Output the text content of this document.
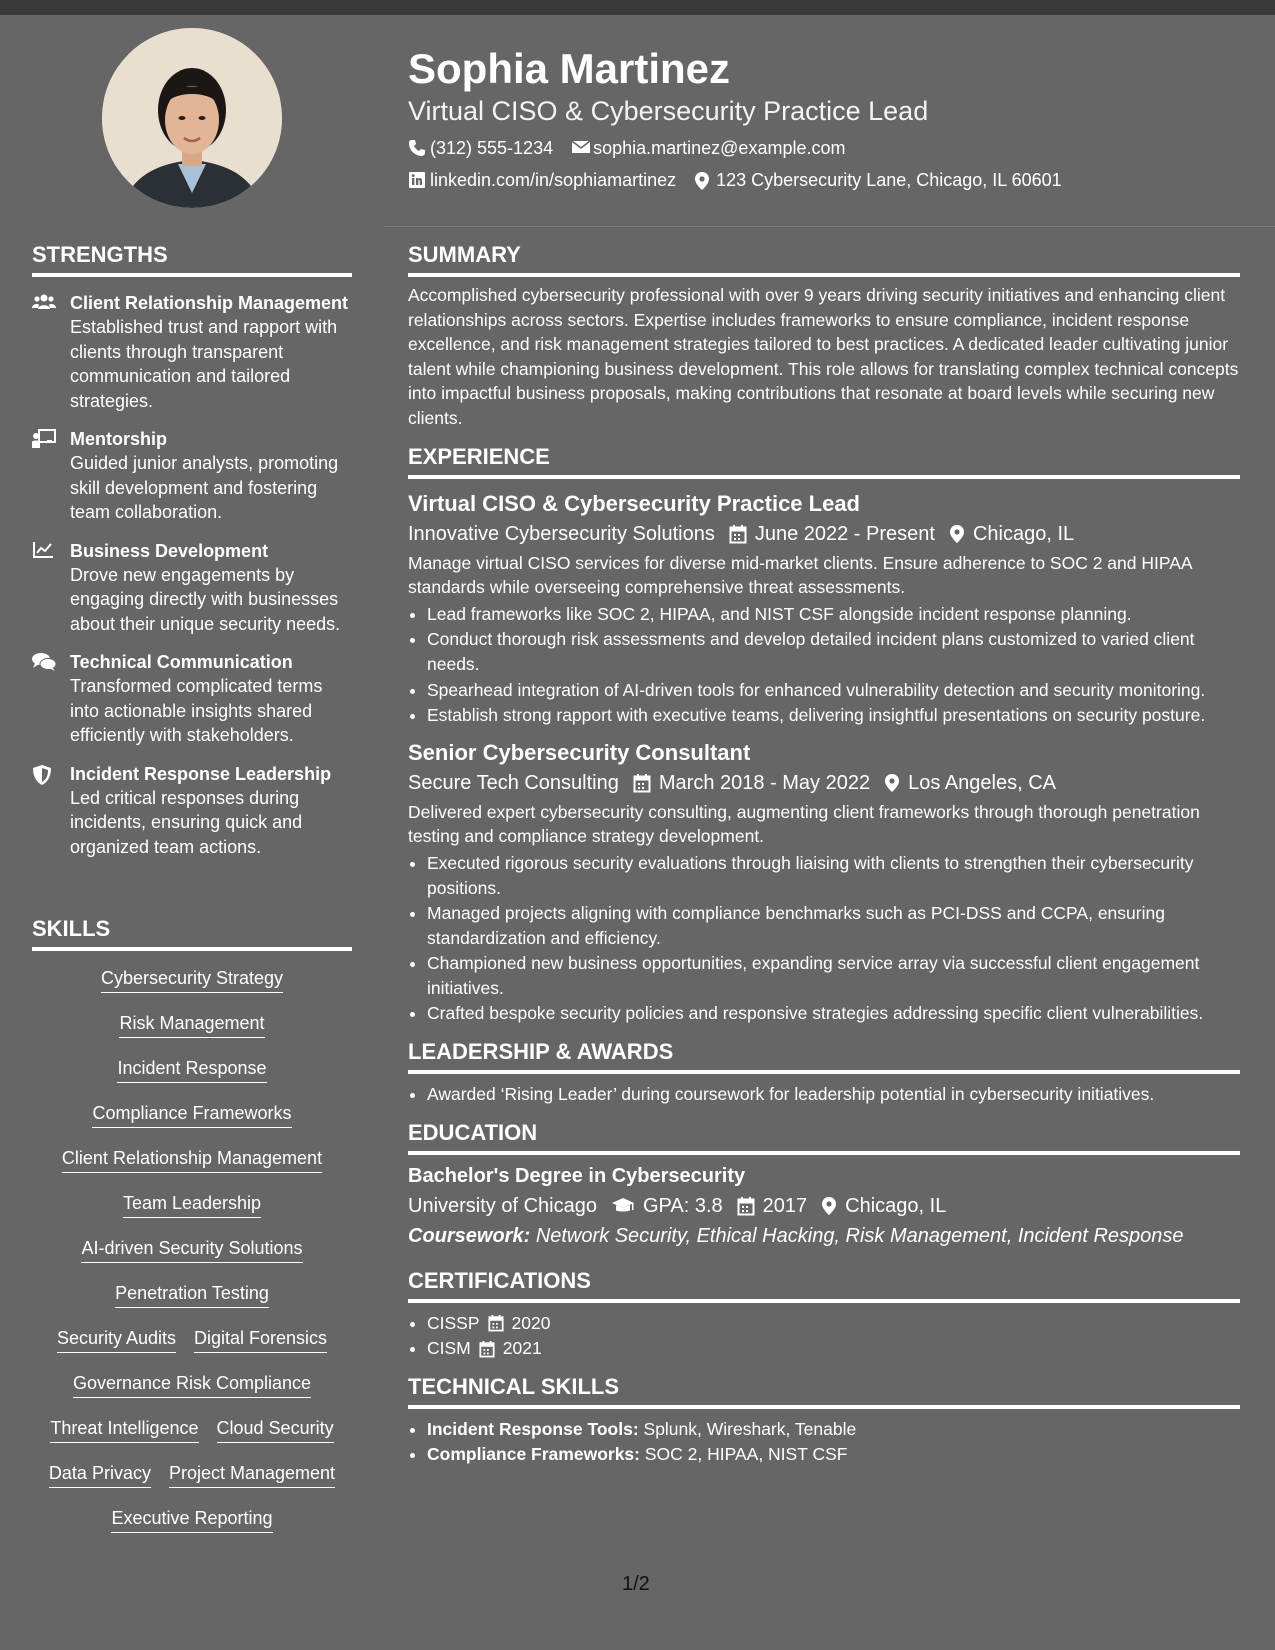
STRENGTHS
Client Relationship Management
Established trust and rapport with clients through transparent communication and tailored strategies.
Mentorship
Guided junior analysts, promoting skill development and fostering team collaboration.
Business Development
Drove new engagements by engaging directly with businesses about their unique security needs.
Technical Communication
Transformed complicated terms into actionable insights shared efficiently with stakeholders.
Incident Response Leadership
Led critical responses during incidents, ensuring quick and organized team actions.
SKILLS
Cybersecurity Strategy
Risk Management
Incident Response
Compliance Frameworks
Client Relationship Management
Team Leadership
AI-driven Security Solutions
Penetration Testing
Security Audits Digital Forensics
Governance Risk Compliance
Threat Intelligence Cloud Security
Data Privacy Project Management
Executive Reporting
Sophia Martinez
Virtual CISO & Cybersecurity Practice Lead
(312) 555-1234 sophia.martinez@example.com
linkedin.com/in/sophiamartinez 123 Cybersecurity Lane, Chicago, IL 60601
SUMMARY

Accomplished cybersecurity professional with over 9 years driving security initiatives and enhancing client relationships across sectors. Expertise includes frameworks to ensure compliance, incident response excellence, and risk management strategies tailored to best practices. A dedicated leader cultivating junior talent while championing business development. This role allows for translating complex technical concepts into impactful business proposals, making contributions that resonate at board levels while securing new clients.

EXPERIENCE
Virtual CISO & Cybersecurity Practice Lead
Innovative Cybersecurity Solutions June 2022 - Present Chicago, IL

Manage virtual CISO services for diverse mid-market clients. Ensure adherence to SOC 2 and HIPAA standards while overseeing comprehensive threat assessments.

• Lead frameworks like SOC 2, HIPAA, and NIST CSF alongside incident response planning.
• Conduct thorough risk assessments and develop detailed incident plans customized to varied client needs.
• Spearhead integration of AI-driven tools for enhanced vulnerability detection and security monitoring.
• Establish strong rapport with executive teams, delivering insightful presentations on security posture.
Senior Cybersecurity Consultant
Secure Tech Consulting March 2018 - May 2022 Los Angeles, CA

Delivered expert cybersecurity consulting, augmenting client frameworks through thorough penetration testing and compliance strategy development.

• Executed rigorous security evaluations through liaising with clients to strengthen their cybersecurity positions.
• Managed projects aligning with compliance benchmarks such as PCI-DSS and CCPA, ensuring standardization and efficiency.
• Championed new business opportunities, expanding service array via successful client engagement initiatives.
• Crafted bespoke security policies and responsive strategies addressing specific client vulnerabilities.
LEADERSHIP & AWARDS
• Awarded ‘Rising Leader’ during coursework for leadership potential in cybersecurity initiatives.
EDUCATION
Bachelor's Degree in Cybersecurity
University of Chicago GPA: 3.8 2017 Chicago, IL
Coursework: Network Security, Ethical Hacking, Risk Management, Incident Response
CERTIFICATIONS
• CISSP 2020
• CISM 2021
TECHNICAL SKILLS
• Incident Response Tools: Splunk, Wireshark, Tenable
• Compliance Frameworks: SOC 2, HIPAA, NIST CSF
1/2
